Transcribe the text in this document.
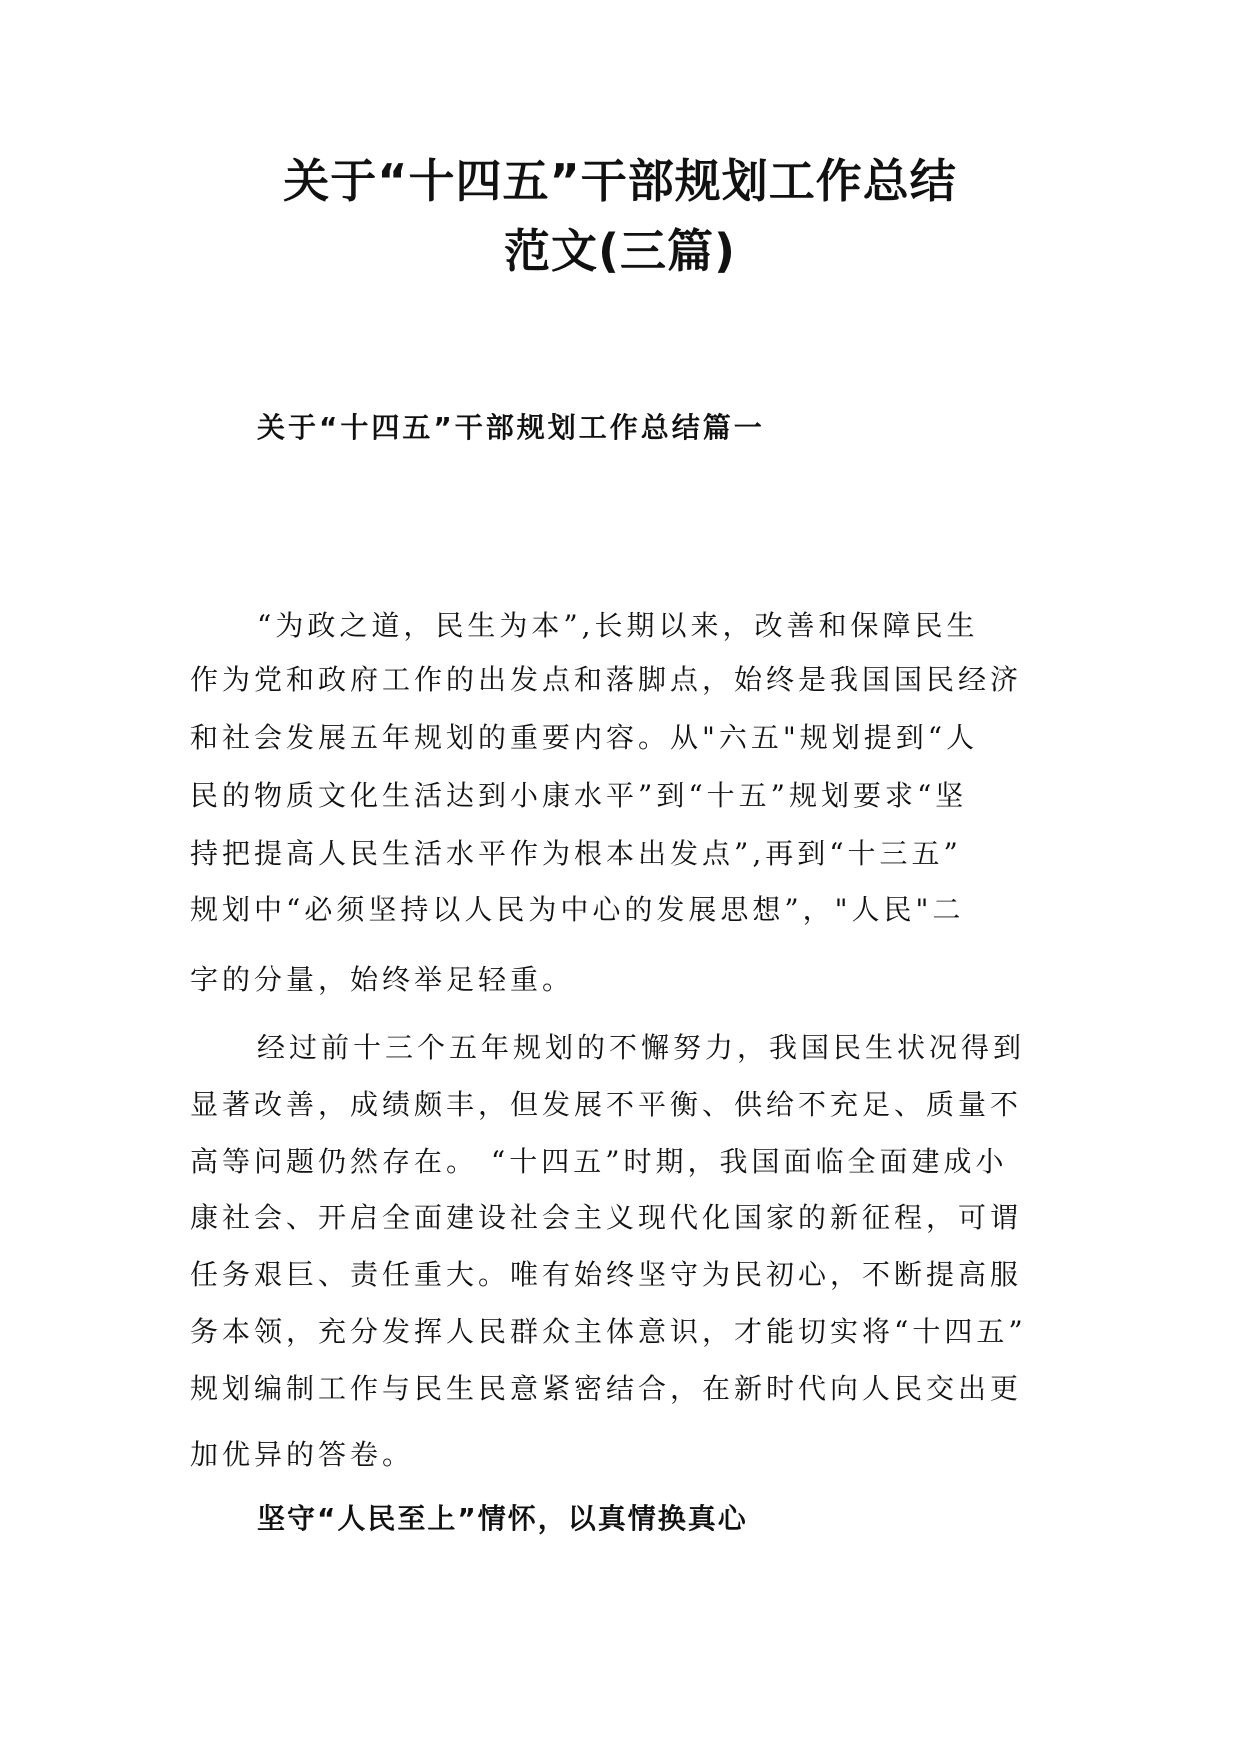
关于“十四五”干部规划工作总结
范文(三篇)
关于“十四五”干部规划工作总结篇一

“为政之道，民生为本”,长期以来，改善和保障民生

作为党和政府工作的出发点和落脚点，始终是我国国民经济

和社会发展五年规划的重要内容。从"六五"规划提到“人

民的物质文化生活达到小康水平”到“十五”规划要求“坚

持把提高人民生活水平作为根本出发点”,再到“十三五”

规划中“必须坚持以人民为中心的发展思想”，"人民"二

字的分量，始终举足轻重。

经过前十三个五年规划的不懈努力，我国民生状况得到

显著改善，成绩颇丰，但发展不平衡、供给不充足、质量不

高等问题仍然存在。 “十四五”时期，我国面临全面建成小

康社会、开启全面建设社会主义现代化国家的新征程，可谓

任务艰巨、责任重大。唯有始终坚守为民初心，不断提高服

务本领，充分发挥人民群众主体意识，才能切实将“十四五”

规划编制工作与民生民意紧密结合，在新时代向人民交出更

加优异的答卷。

坚守“人民至上”情怀，以真情换真心
